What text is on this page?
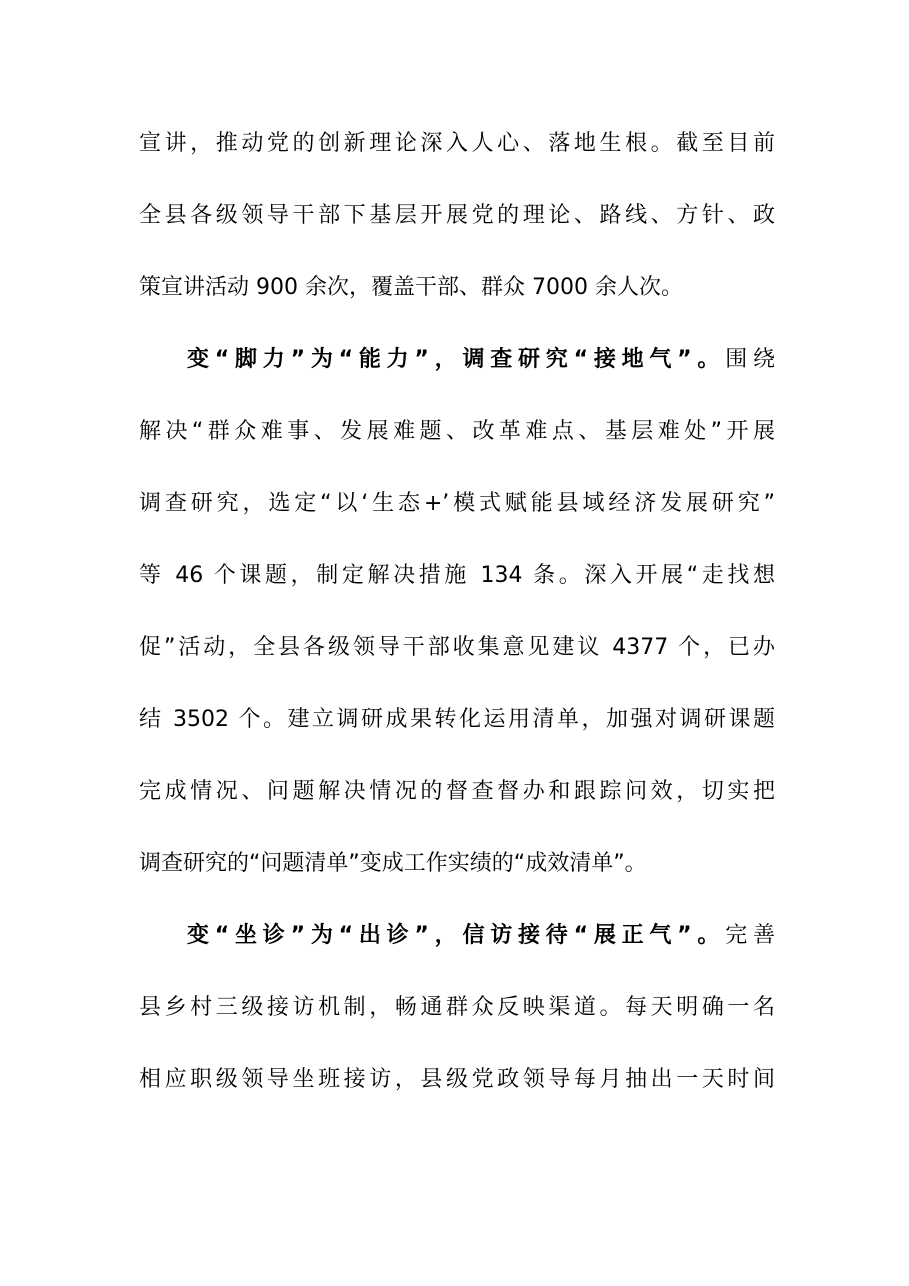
宣讲，推动党的创新理论深入人心、落地生根。截至目前
全县各级领导干部下基层开展党的理论、路线、方针、政
策宣讲活动 900 余次，覆盖干部、群众 7000 余人次。
变“脚力”为“能力”，调查研究“接地气”。围绕
解决“群众难事、发展难题、改革难点、基层难处”开展
调查研究，选定“以‘生态+’模式赋能县域经济发展研究”
等 46 个课题，制定解决措施 134 条。深入开展“走找想
促”活动，全县各级领导干部收集意见建议 4377 个，已办
结 3502 个。建立调研成果转化运用清单，加强对调研课题
完成情况、问题解决情况的督查督办和跟踪问效，切实把
调查研究的“问题清单”变成工作实绩的“成效清单”。
变“坐诊”为“出诊”，信访接待“展正气”。完善
县乡村三级接访机制，畅通群众反映渠道。每天明确一名
相应职级领导坐班接访，县级党政领导每月抽出一天时间
